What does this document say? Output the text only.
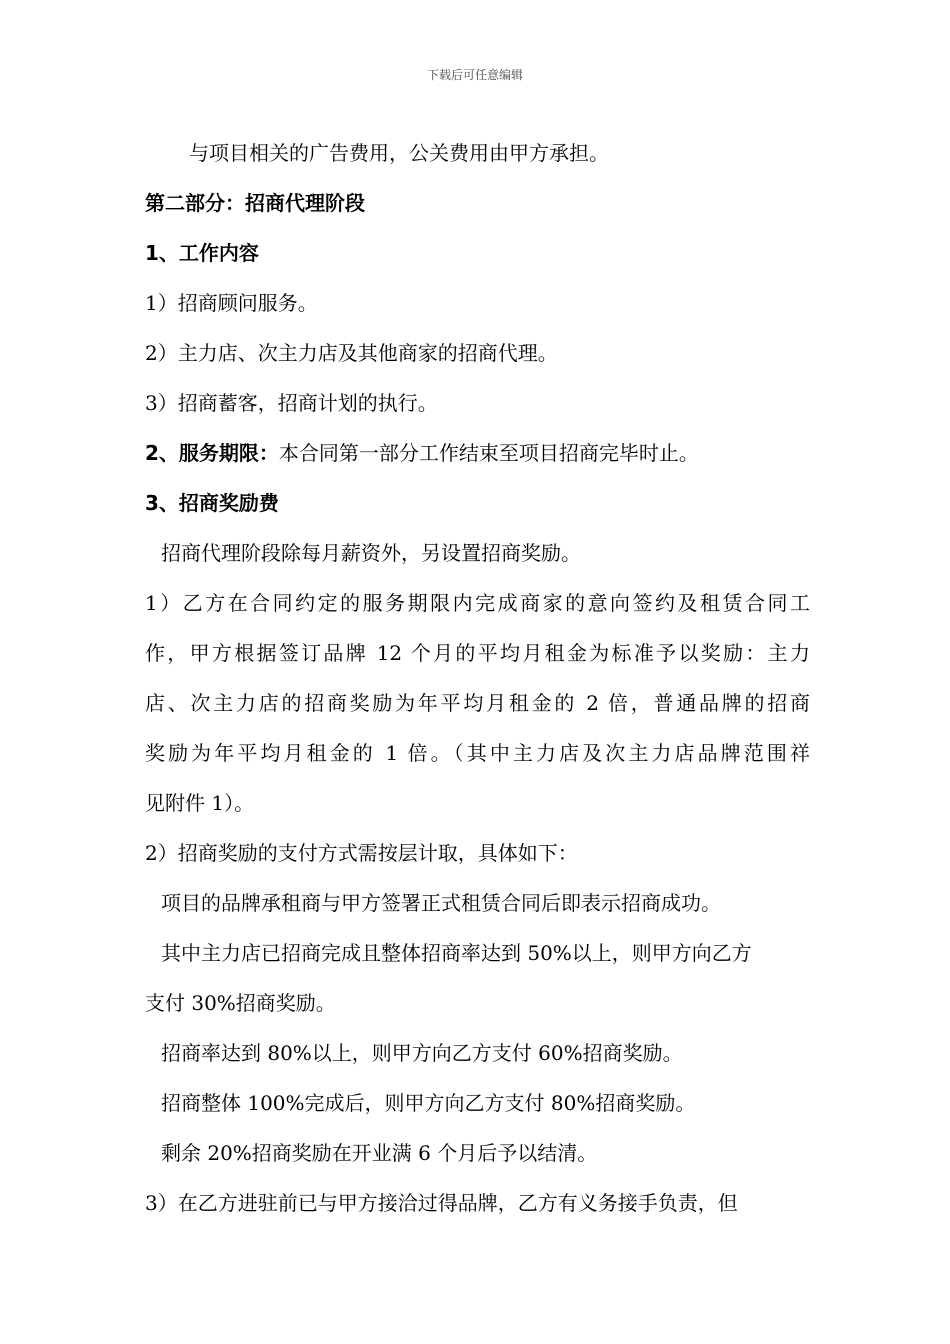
下载后可任意编辑
与项目相关的广告费用，公关费用由甲方承担。
第二部分：招商代理阶段
1、工作内容
1）招商顾问服务。
2）主力店、次主力店及其他商家的招商代理。
3）招商蓄客，招商计划的执行。
2、服务期限：本合同第一部分工作结束至项目招商完毕时止。
3、招商奖励费
招商代理阶段除每月薪资外，另设置招商奖励。
1）乙方在合同约定的服务期限内完成商家的意向签约及租赁合同工
作，甲方根据签订品牌 12 个月的平均月租金为标准予以奖励：主力
店、次主力店的招商奖励为年平均月租金的 2 倍，普通品牌的招商
奖励为年平均月租金的 1 倍。（其中主力店及次主力店品牌范围祥
见附件 1）。
2）招商奖励的支付方式需按层计取，具体如下：
项目的品牌承租商与甲方签署正式租赁合同后即表示招商成功。
其中主力店已招商完成且整体招商率达到 50%以上，则甲方向乙方
支付 30%招商奖励。
招商率达到 80%以上，则甲方向乙方支付 60%招商奖励。
招商整体 100%完成后，则甲方向乙方支付 80%招商奖励。
剩余 20%招商奖励在开业满 6 个月后予以结清。
3）在乙方进驻前已与甲方接洽过得品牌，乙方有义务接手负责，但
